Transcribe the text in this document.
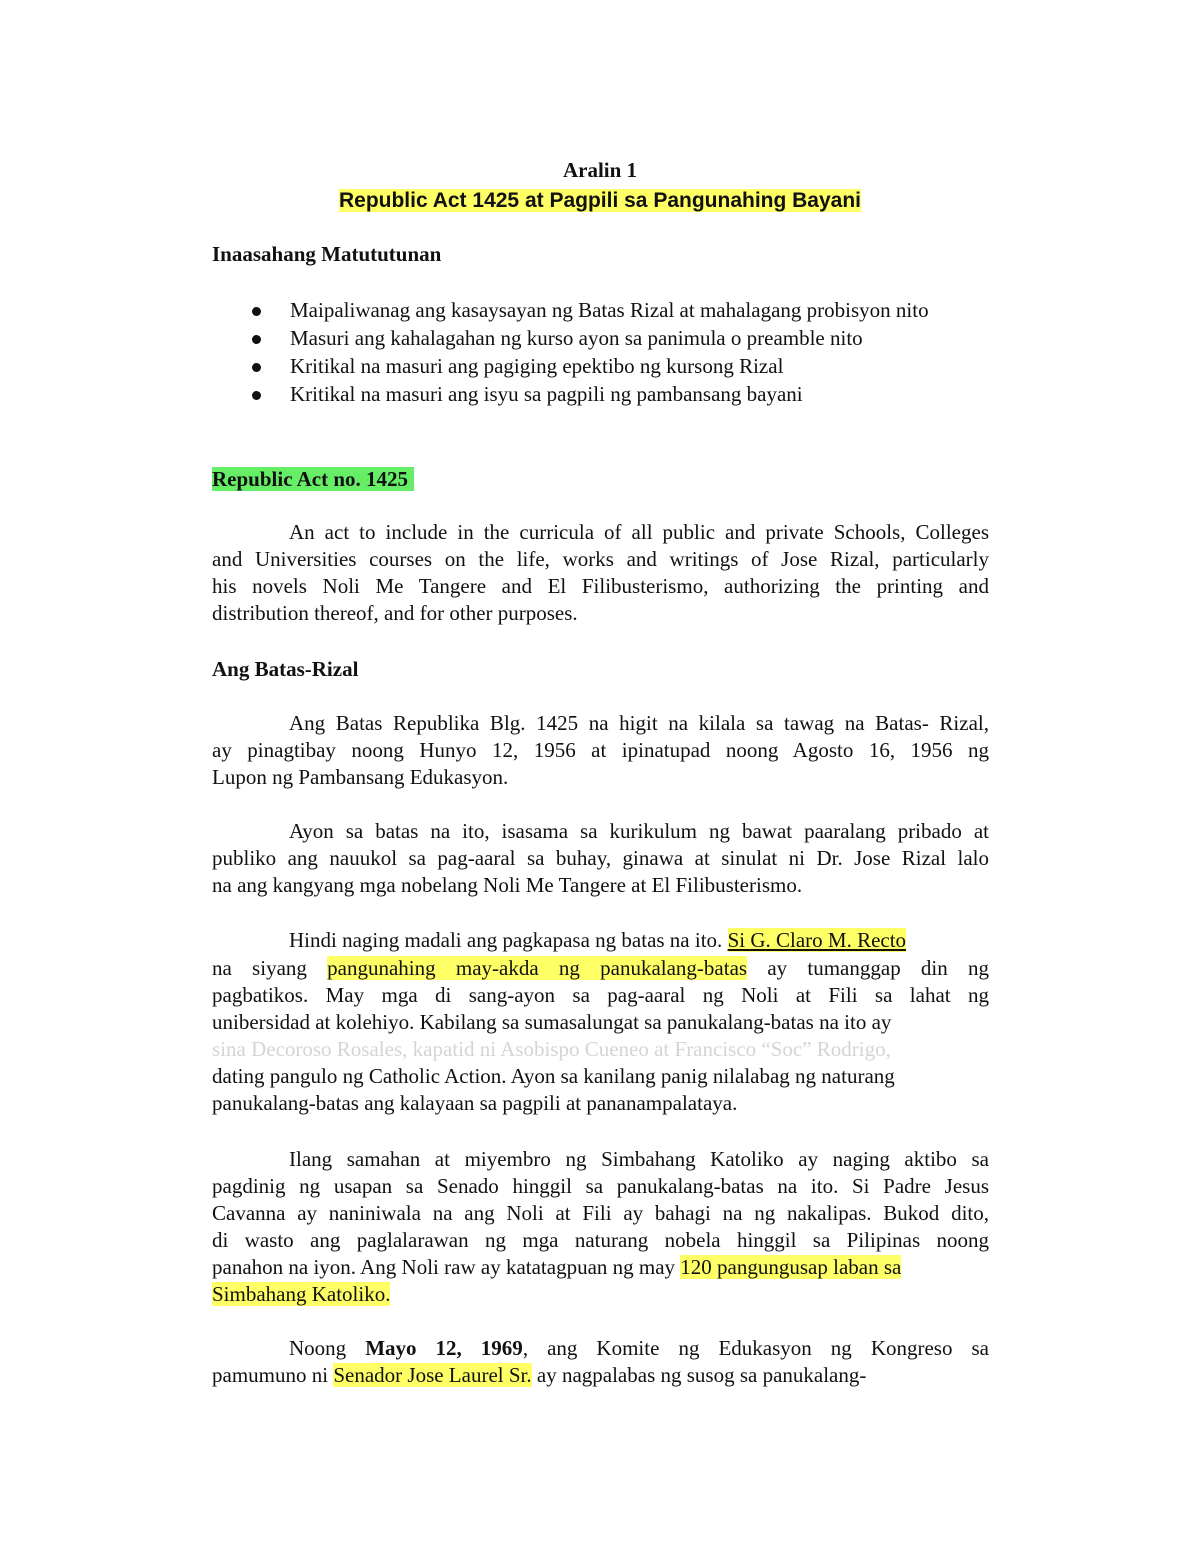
Aralin 1
Republic Act 1425 at Pagpili sa Pangunahing Bayani
Inaasahang Matututunan
Maipaliwanag ang kasaysayan ng Batas Rizal at mahalagang probisyon nito
Masuri ang kahalagahan ng kurso ayon sa panimula o preamble nito
Kritikal na masuri ang pagiging epektibo ng kursong Rizal
Kritikal na masuri ang isyu sa pagpili ng pambansang bayani
Republic Act no. 1425
An act to include in the curricula of all public and private Schools, Colleges
and Universities courses on the life, works and writings of Jose Rizal, particularly
his novels Noli Me Tangere and El Filibusterismo, authorizing the printing and
distribution thereof, and for other purposes.
Ang Batas-Rizal
Ang Batas Republika Blg. 1425 na higit na kilala sa tawag na Batas- Rizal,
ay pinagtibay noong Hunyo 12, 1956 at ipinatupad noong Agosto 16, 1956 ng
Lupon ng Pambansang Edukasyon.
Ayon sa batas na ito, isasama sa kurikulum ng bawat paaralang pribado at
publiko ang nauukol sa pag-aaral sa buhay, ginawa at sinulat ni Dr. Jose Rizal lalo
na ang kangyang mga nobelang Noli Me Tangere at El Filibusterismo.
Hindi naging madali ang pagkapasa ng batas na ito. Si G. Claro M. Recto
na siyang pangunahing may-akda ng panukalang-batas ay tumanggap din ng
pagbatikos. May mga di sang-ayon sa pag-aaral ng Noli at Fili sa lahat ng
unibersidad at kolehiyo. Kabilang sa sumasalungat sa panukalang-batas na ito ay
sina Decoroso Rosales, kapatid ni Asobispo Cueneo at Francisco “Soc” Rodrigo,
dating pangulo ng Catholic Action. Ayon sa kanilang panig nilalabag ng naturang
panukalang-batas ang kalayaan sa pagpili at pananampalataya.
Ilang samahan at miyembro ng Simbahang Katoliko ay naging aktibo sa
pagdinig ng usapan sa Senado hinggil sa panukalang-batas na ito. Si Padre Jesus
Cavanna ay naniniwala na ang Noli at Fili ay bahagi na ng nakalipas. Bukod dito,
di wasto ang paglalarawan ng mga naturang nobela hinggil sa Pilipinas noong
panahon na iyon. Ang Noli raw ay katatagpuan ng may 120 pangungusap laban sa
Simbahang Katoliko.
Noong Mayo 12, 1969, ang Komite ng Edukasyon ng Kongreso sa
pamumuno ni Senador Jose Laurel Sr. ay nagpalabas ng susog sa panukalang-
